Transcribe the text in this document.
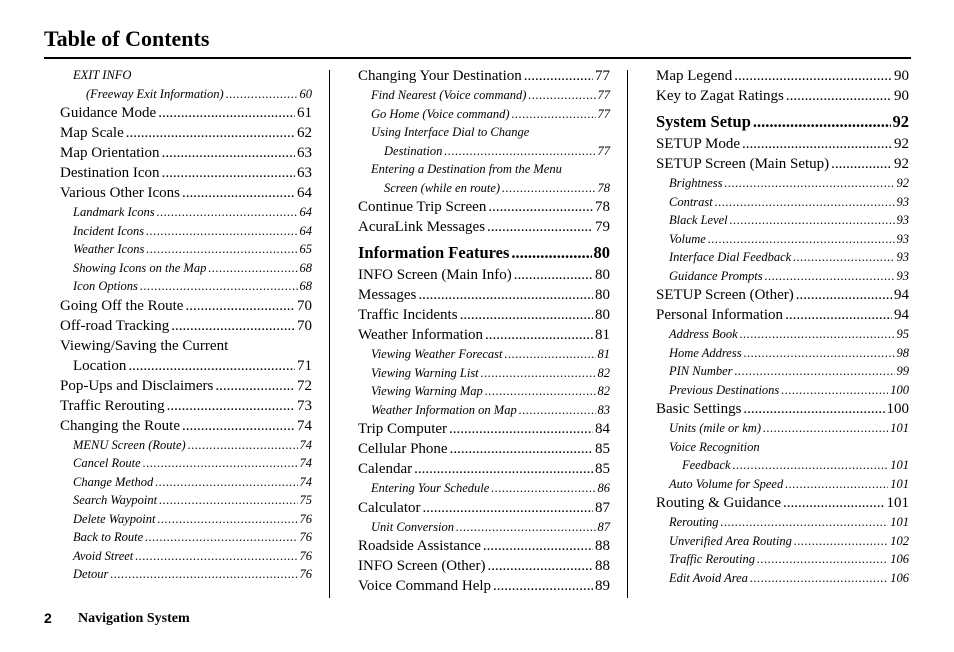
Table of Contents
EXIT INFO
(Freeway Exit Information) .....	60
Guidance Mode .....	61
Map Scale .....	62
Map Orientation .....	63
Destination Icon .....	63
Various Other Icons .....	64
Landmark Icons .....	64
Incident Icons .....	64
Weather Icons .....	65
Showing Icons on the Map .....	68
Icon Options .....	68
Going Off the Route .....	70
Off-road Tracking .....	70
Viewing/Saving the Current
Location .....	71
Pop-Ups and Disclaimers .....	72
Traffic Rerouting .....	73
Changing the Route .....	74
MENU Screen (Route) .....	74
Cancel Route .....	74
Change Method .....	74
Search Waypoint .....	75
Delete Waypoint .....	76
Back to Route .....	76
Avoid Street .....	76
Detour .....	76
Changing Your Destination .....	77
Find Nearest (Voice command) .....	77
Go Home (Voice command) .....	77
Using Interface Dial to Change
Destination .....	77
Entering a Destination from the Menu
Screen (while en route) .....	78
Continue Trip Screen .....	78
AcuraLink Messages .....	79
Information Features .....	80
INFO Screen (Main Info) .....	80
Messages .....	80
Traffic Incidents .....	80
Weather Information .....	81
Viewing Weather Forecast .....	81
Viewing Warning List .....	82
Viewing Warning Map .....	82
Weather Information on Map .....	83
Trip Computer .....	84
Cellular Phone .....	85
Calendar .....	85
Entering Your Schedule .....	86
Calculator .....	87
Unit Conversion .....	87
Roadside Assistance .....	88
INFO Screen (Other) .....	88
Voice Command Help .....	89
Map Legend .....	90
Key to Zagat Ratings .....	90
System Setup .....	92
SETUP Mode .....	92
SETUP Screen (Main Setup) .....	92
Brightness .....	92
Contrast .....	93
Black Level .....	93
Volume .....	93
Interface Dial Feedback .....	93
Guidance Prompts .....	93
SETUP Screen (Other) .....	94
Personal Information .....	94
Address Book .....	95
Home Address .....	98
PIN Number .....	99
Previous Destinations .....	100
Basic Settings .....	100
Units (mile or km) .....	101
Voice Recognition
Feedback .....	101
Auto Volume for Speed .....	101
Routing & Guidance .....	101
Rerouting .....	101
Unverified Area Routing .....	102
Traffic Rerouting .....	106
Edit Avoid Area .....	106
2 Navigation System
